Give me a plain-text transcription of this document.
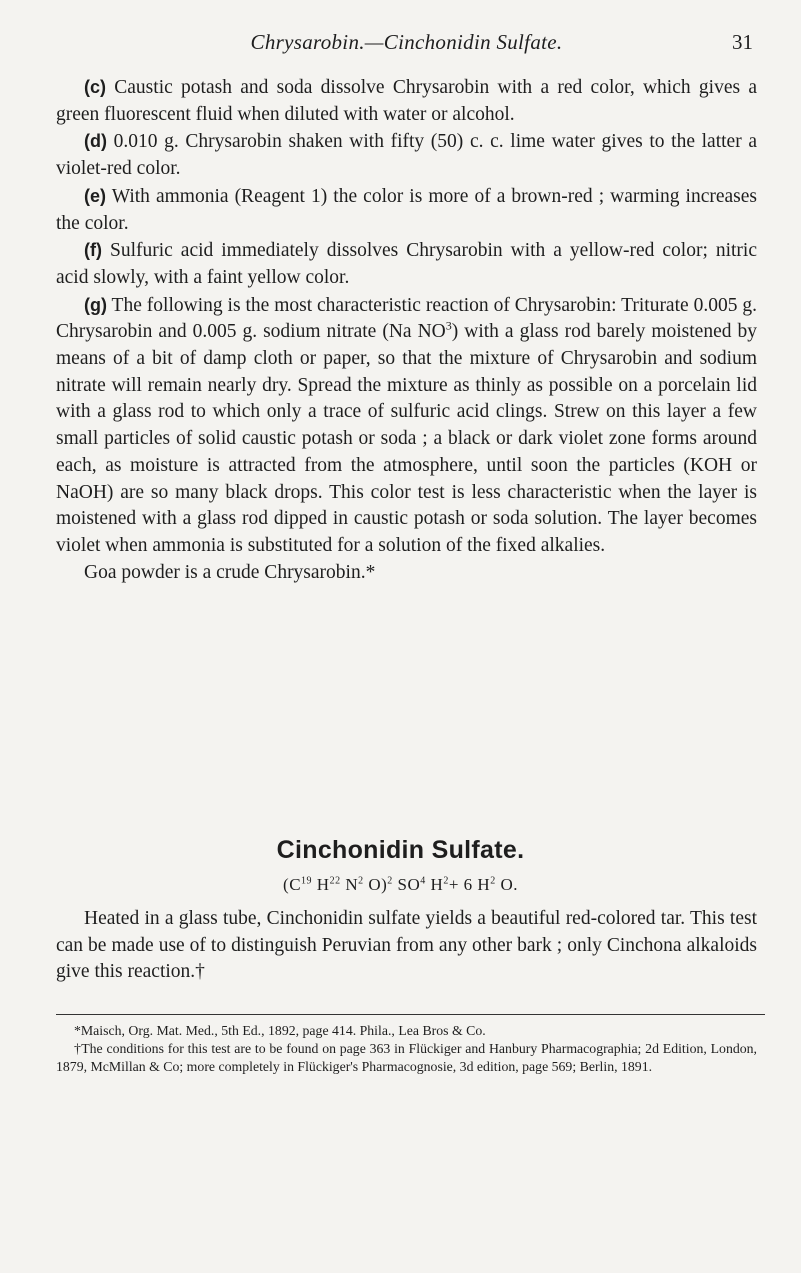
Chrysarobin.—Cinchonidin Sulfate.	31

(c) Caustic potash and soda dissolve Chrysarobin with a red color, which gives a green fluorescent fluid when diluted with water or alcohol.

(d) 0.010 g. Chrysarobin shaken with fifty (50) c. c. lime water gives to the latter a violet-red color.

(e) With ammonia (Reagent 1) the color is more of a brown-red ; warming increases the color.

(f) Sulfuric acid immediately dissolves Chrysarobin with a yellow-red color; nitric acid slowly, with a faint yellow color.

(g) The following is the most characteristic reaction of Chrysarobin: Triturate 0.005 g. Chrysarobin and 0.005 g. sodium nitrate (Na $NO^3$) with a glass rod barely moistened by means of a bit of damp cloth or paper, so that the mixture of Chrysarobin and sodium nitrate will remain nearly dry. Spread the mixture as thinly as possible on a porcelain lid with a glass rod to which only a trace of sulfuric acid clings. Strew on this layer a few small particles of solid caustic potash or soda ; a black or dark violet zone forms around each, as moisture is attracted from the atmosphere, until soon the particles (KOH or NaOH) are so many black drops. This color test is less characteristic when the layer is moistened with a glass rod dipped in caustic potash or soda solution. The layer becomes violet when ammonia is substituted for a solution of the fixed alkalies.

Goa powder is a crude Chrysarobin.*

Cinchonidin Sulfate.
($C^{19}$ $H^{22}$ $N^2$ O)$^2$ $SO^4$ $H^2+ 6$ $H^2$ O.

Heated in a glass tube, Cinchonidin sulfate yields a beautiful red-colored tar. This test can be made use of to distinguish Peruvian from any other bark ; only Cinchona alkaloids give this reaction.†

*Maisch, Org. Mat. Med., 5th Ed., 1892, page 414. Phila., Lea Bros & Co.

†The conditions for this test are to be found on page 363 in Flückiger and Hanbury Pharmacographia; 2d Edition, London, 1879, McMillan & Co; more completely in Flückiger's Pharmacognosie, 3d edition, page 569; Berlin, 1891.
